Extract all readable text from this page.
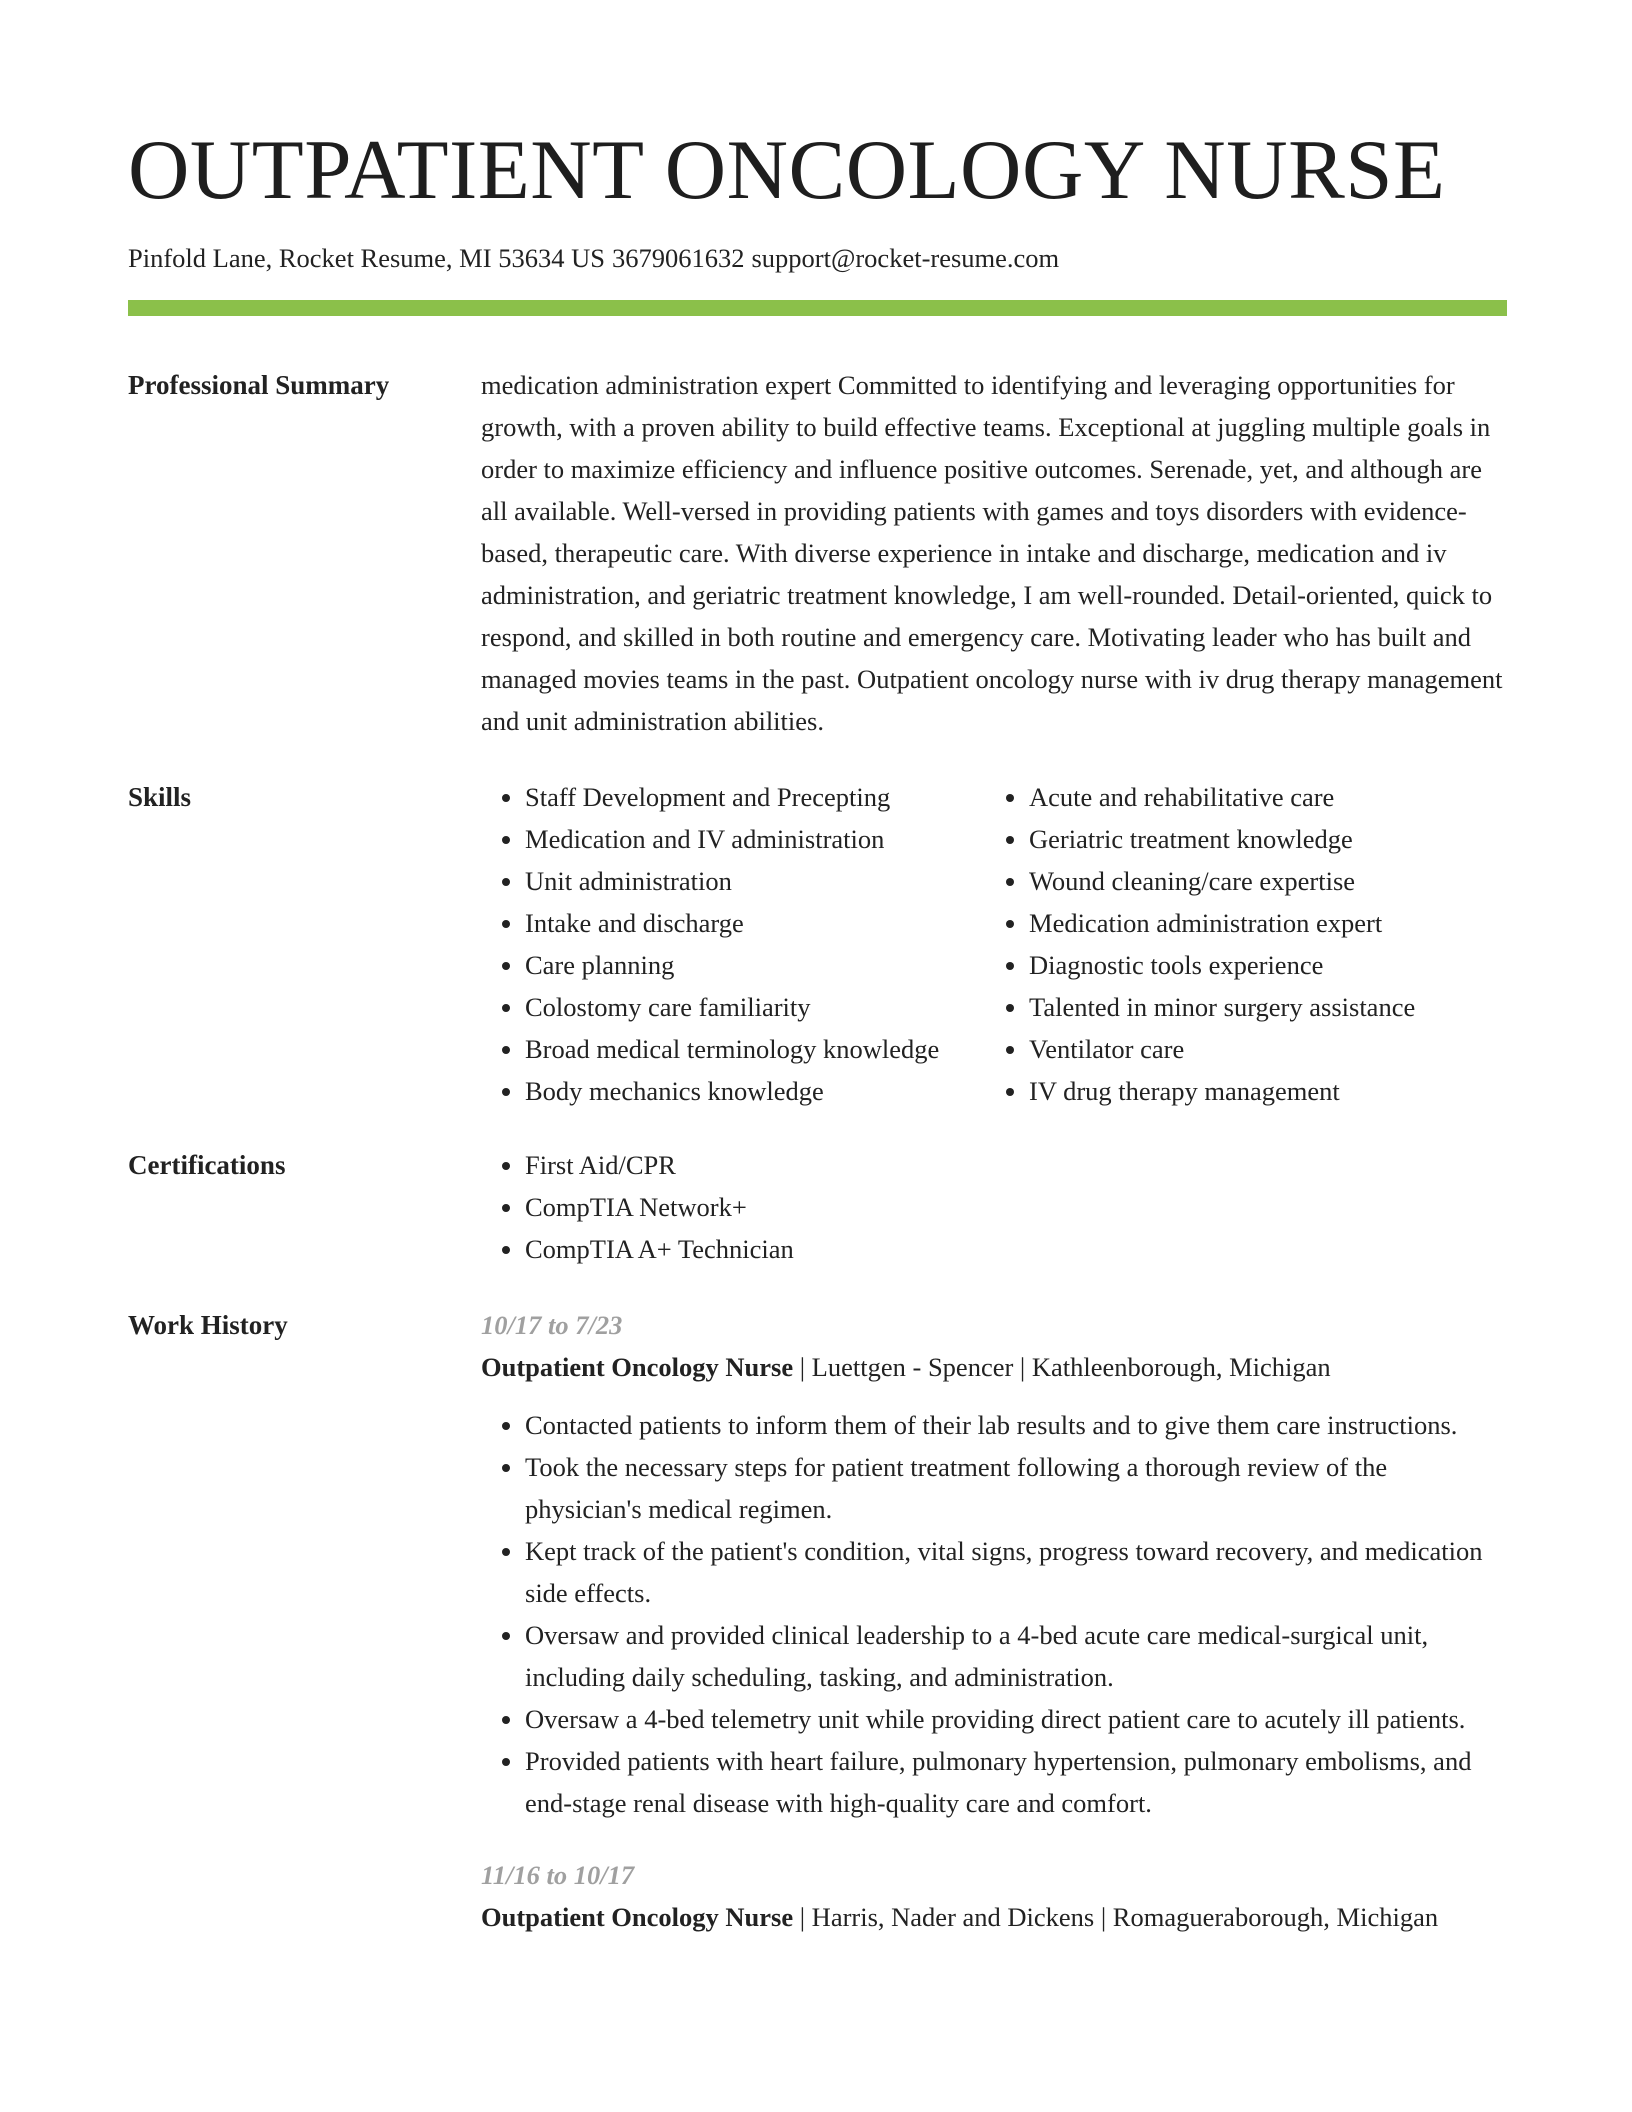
OUTPATIENT ONCOLOGY NURSE
Pinfold Lane, Rocket Resume, MI 53634 US 3679061632 support@rocket-resume.com
Professional Summary	medication administration expert Committed to identifying and leveraging opportunities for growth, with a proven ability to build effective teams. Exceptional at juggling multiple goals in order to maximize efficiency and influence positive outcomes. Serenade, yet, and although are all available. Well-versed in providing patients with games and toys disorders with evidence-based, therapeutic care. With diverse experience in intake and discharge, medication and iv administration, and geriatric treatment knowledge, I am well-rounded. Detail-oriented, quick to respond, and skilled in both routine and emergency care. Motivating leader who has built and managed movies teams in the past. Outpatient oncology nurse with iv drug therapy management and unit administration abilities.
Skills	• Staff Development and Precepting
• Medication and IV administration
• Unit administration
• Intake and discharge
• Care planning
• Colostomy care familiarity
• Broad medical terminology knowledge
• Body mechanics knowledge
• Acute and rehabilitative care
• Geriatric treatment knowledge
• Wound cleaning/care expertise
• Medication administration expert
• Diagnostic tools experience
• Talented in minor surgery assistance
• Ventilator care
• IV drug therapy management
Certifications	• First Aid/CPR
• CompTIA Network+
• CompTIA A+ Technician
Work History	10/17 to 7/23
Outpatient Oncology Nurse | Luettgen - Spencer | Kathleenborough, Michigan
• Contacted patients to inform them of their lab results and to give them care instructions.
• Took the necessary steps for patient treatment following a thorough review of the physician's medical regimen.
• Kept track of the patient's condition, vital signs, progress toward recovery, and medication side effects.
• Oversaw and provided clinical leadership to a 4-bed acute care medical-surgical unit, including daily scheduling, tasking, and administration.
• Oversaw a 4-bed telemetry unit while providing direct patient care to acutely ill patients.
• Provided patients with heart failure, pulmonary hypertension, pulmonary embolisms, and end-stage renal disease with high-quality care and comfort.
11/16 to 10/17
Outpatient Oncology Nurse | Harris, Nader and Dickens | Romagueraborough, Michigan
